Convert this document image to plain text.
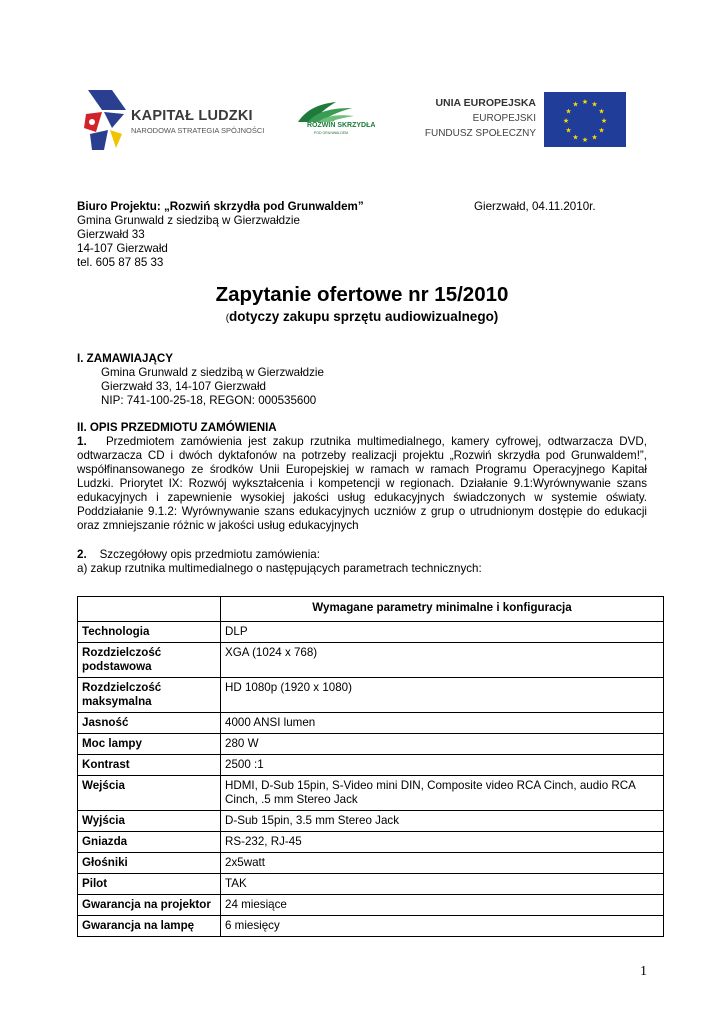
KAPITAŁ LUDZKI
NARODOWA STRATEGIA SPÓJNOŚCI
ROZWIŃ SKRZYDŁA
POD GRUNWALDEM
UNIA EUROPEJSKA
EUROPEJSKI
FUNDUSZ SPOŁECZNY
★ ★
★
★
★
★
★
★
★
★
★
★
Biuro Projektu: „Rozwiń skrzydła pod Grunwaldem”	Gierzwałd, 04.11.2010r.
Gmina Grunwald z siedzibą w Gierzwałdzie
Gierzwałd 33
14-107 Gierzwałd
tel. 605 87 85 33
Zapytanie ofertowe nr 15/2010
(dotyczy zakupu sprzętu audiowizualnego)
I. ZAMAWIAJĄCY
Gmina Grunwald z siedzibą w Gierzwałdzie
Gierzwałd 33, 14-107 Gierzwałd
NIP: 741-100-25-18, REGON: 000535600
II. OPIS PRZEDMIOTU ZAMÓWIENIA
1. Przedmiotem zamówienia jest zakup rzutnika multimedialnego, kamery cyfrowej, odtwarzacza DVD, odtwarzacza CD i dwóch dyktafonów na potrzeby realizacji projektu „Rozwiń skrzydła pod Grunwaldem!”, współfinansowanego ze środków Unii Europejskiej w ramach w ramach Programu Operacyjnego Kapitał Ludzki. Priorytet IX: Rozwój wykształcenia i kompetencji w regionach. Działanie 9.1:Wyrównywanie szans edukacyjnych i zapewnienie wysokiej jakości usług edukacyjnych świadczonych w systemie oświaty. Poddziałanie 9.1.2: Wyrównywanie szans edukacyjnych uczniów z grup o utrudnionym dostępie do edukacji oraz zmniejszanie różnic w jakości usług edukacyjnych
2. Szczegółowy opis przedmiotu zamówienia:
a) zakup rzutnika multimedialnego o następujących parametrach technicznych:
	Wymagane parametry minimalne i konfiguracja
Technologia	DLP
Rozdzielczość podstawowa	XGA (1024 x 768)
Rozdzielczość maksymalna	HD 1080p (1920 x 1080)
Jasność	4000 ANSI lumen
Moc lampy	280 W
Kontrast	2500 :1
Wejścia	HDMI, D-Sub 15pin, S-Video mini DIN, Composite video RCA Cinch, audio RCA Cinch, .5 mm Stereo Jack
Wyjścia	D-Sub 15pin, 3.5 mm Stereo Jack
Gniazda	RS-232, RJ-45
Głośniki	2x5watt
Pilot	TAK
Gwarancja na projektor	24 miesiące
Gwarancja na lampę	6 miesięcy
1
